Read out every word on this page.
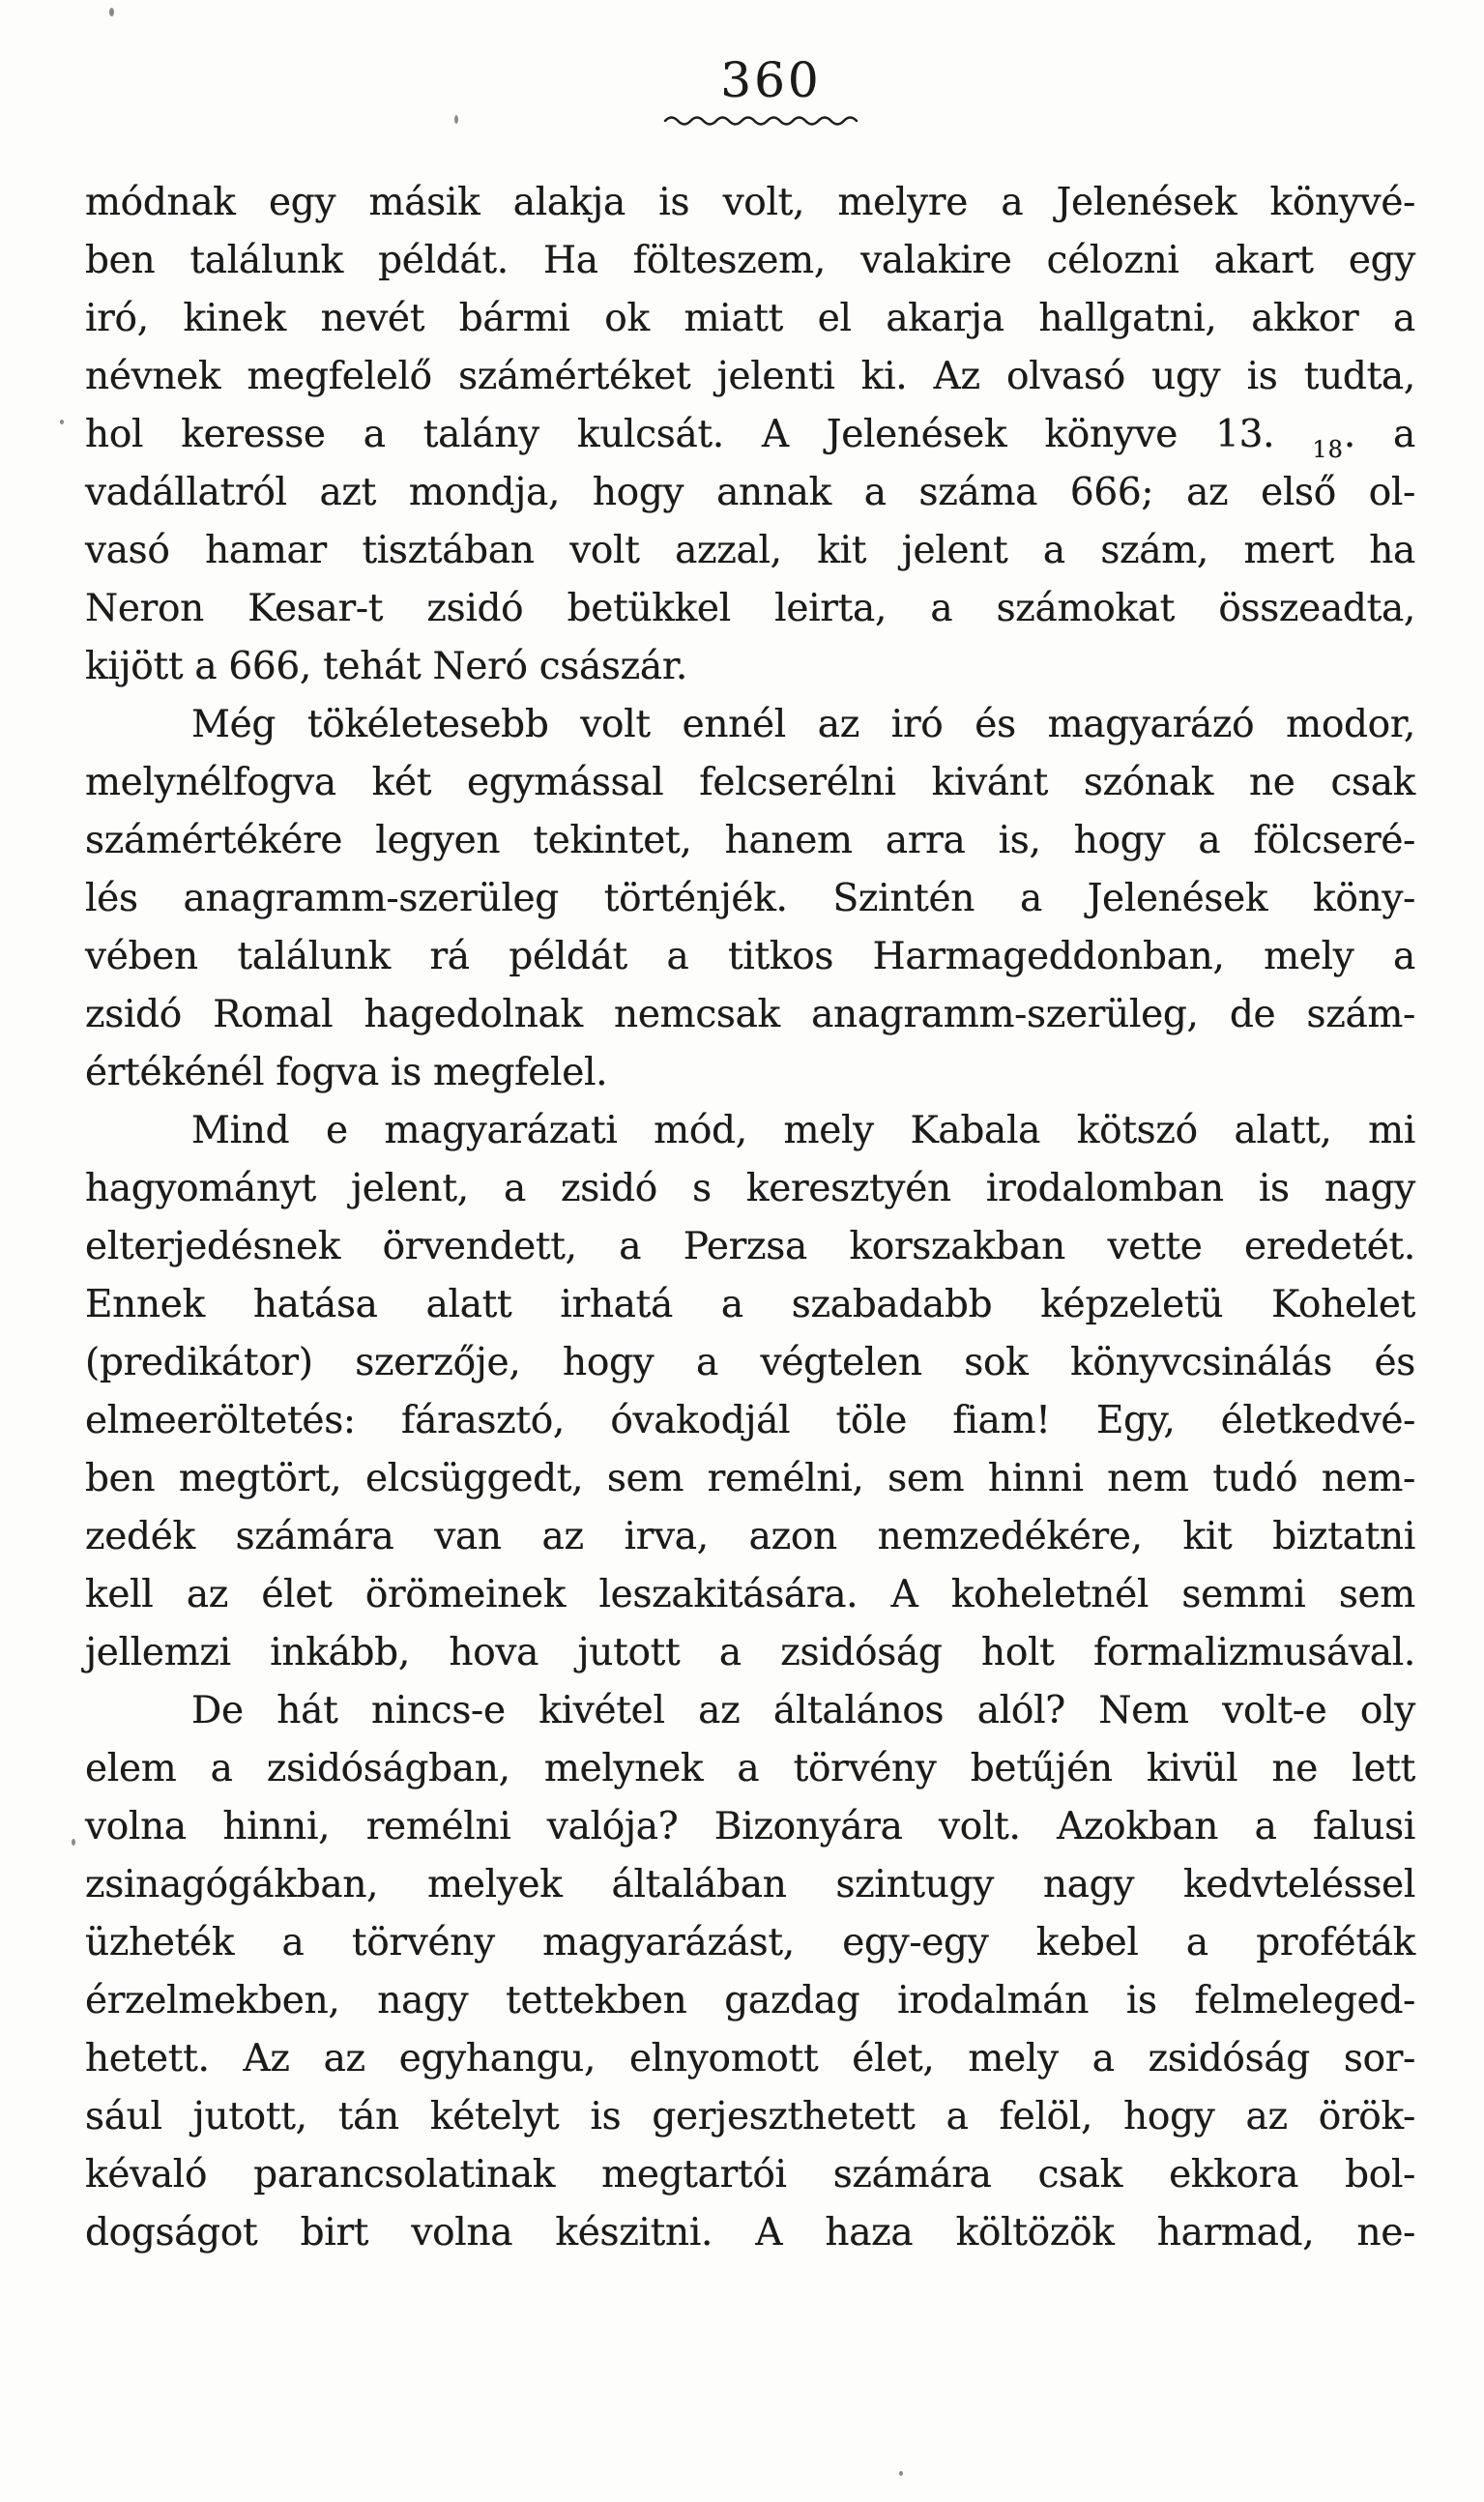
360
módnak egy másik alakja is volt, melyre a Jelenések könyvé-
ben találunk példát. Ha fölteszem, valakire célozni akart egy
iró, kinek nevét bármi ok miatt el akarja hallgatni, akkor a
névnek megfelelő számértéket jelenti ki. Az olvasó ugy is tudta,
hol keresse a talány kulcsát. A Jelenések könyve 13. $_{18}$. a
vadállatról azt mondja, hogy annak a száma 666; az első ol-
vasó hamar tisztában volt azzal, kit jelent a szám, mert ha
Neron Kesar-t zsidó betükkel leirta, a számokat összeadta,
kijött a 666, tehát Neró császár.
Még tökéletesebb volt ennél az iró és magyarázó modor,
melynélfogva két egymással felcserélni kivánt szónak ne csak
számértékére legyen tekintet, hanem arra is, hogy a fölcseré-
lés anagramm-szerüleg történjék. Szintén a Jelenések köny-
vében találunk rá példát a titkos Harmageddonban, mely a
zsidó Romal hagedolnak nemcsak anagramm-szerüleg, de szám-
értékénél fogva is megfelel.
Mind e magyarázati mód, mely Kabala kötszó alatt, mi
hagyományt jelent, a zsidó s keresztyén irodalomban is nagy
elterjedésnek örvendett, a Perzsa korszakban vette eredetét.
Ennek hatása alatt irhatá a szabadabb képzeletü Kohelet
(predikátor) szerzője, hogy a végtelen sok könyvcsinálás és
elmeeröltetés: fárasztó, óvakodjál töle fiam! Egy, életkedvé-
ben megtört, elcsüggedt, sem remélni, sem hinni nem tudó nem-
zedék számára van az irva, azon nemzedékére, kit biztatni
kell az élet örömeinek leszakitására. A koheletnél semmi sem
jellemzi inkább, hova jutott a zsidóság holt formalizmusával.
De hát nincs-e kivétel az általános alól? Nem volt-e oly
elem a zsidóságban, melynek a törvény betűjén kivül ne lett
volna hinni, remélni valója? Bizonyára volt. Azokban a falusi
zsinagógákban, melyek általában szintugy nagy kedvteléssel
üzheték a törvény magyarázást, egy-egy kebel a proféták
érzelmekben, nagy tettekben gazdag irodalmán is felmeleged-
hetett. Az az egyhangu, elnyomott élet, mely a zsidóság sor-
sául jutott, tán kételyt is gerjeszthetett a felöl, hogy az örök-
kévaló parancsolatinak megtartói számára csak ekkora bol-
dogságot birt volna készitni. A haza költözök harmad, ne-
